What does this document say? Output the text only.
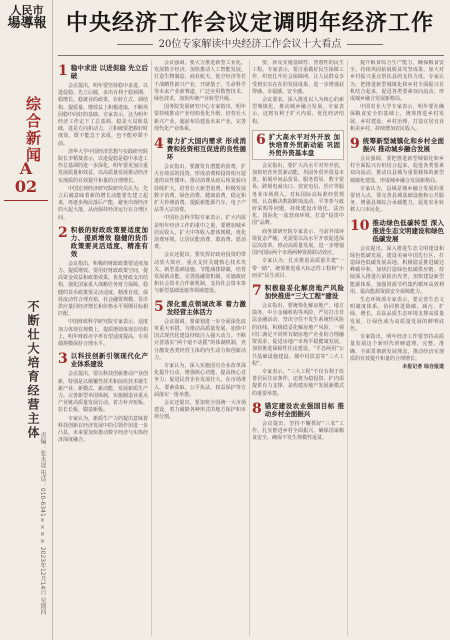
人民市
場導報
综合新闻
A
02
不断壮大培育经营主体
责编：张未晟 电话：010-6341×××× 2023年12月14日 星期四
中央经济工作会议定调明年经济工作
20位专家解读中央经济工作会议十大看点
1 稳中求进 以进促稳 先立后破

会议提出，明年要坚持稳中求进、以进促稳、先立后破，多出有利于稳预期、稳增长、稳就业的政策，在转方式、调结构、提质量、增效益上积极进取，不断巩固稳中向好的基础。专家表示，这为明年经济工作定下了总基调，稳是大局和基础，进是方向和动力，立和破要把握好时度效，既不能急于求成，也不能停滞不前。

清华大学中国经济思想与实践研究院院长李稻葵表示，以进促稳是稳中求进工作总基调的进一步深化，明年要更加注重发展质量和效益，以高质量发展推动经济实现质的有效提升和量的合理增长。

中国宏观经济研究院研究员认为，先立后破意味着新的增长动能要先建立起来，再逐步淘汰落后产能，避免出现经济的大起大落，从而保持经济运行在合理区间。

2 积极的财政政策要适度加力、提质增效 稳健的货币政策要灵活适度、精准有效

会议指出，积极的财政政策要适度加力、提质增效。要用好财政政策空间，提高资金效益和政策效果。优化财政支出结构，强化国家重大战略任务财力保障。稳健的货币政策要灵活适度、精准有效，保持流动性合理充裕，社会融资规模、货币供应量同经济增长和价格水平预期目标相匹配。

中国财政科学研究院专家表示，适度加力体现在规模上，提质增效体现在结构上，明年财政赤字率有望适度提高，专项债规模保持合理水平。

3 以科技创新引领现代化产业体系建设

会议提出，要以科技创新推动产业创新，特别是以颠覆性技术和前沿技术催生新产业、新模式、新动能，发展新质生产力。完善新型举国体制，实施制造业重点产业链高质量发展行动，着力补齐短板、拉长长板、锻造新板。

专家认为，新质生产力的提出意味着科技创新在经济发展中的引领作用进一步凸显，未来要加快推动数字经济与实体经济深度融合。

会议强调，要大力推进新型工业化，发展数字经济，加快推动人工智能发展。打造生物制造、商业航天、低空经济等若干战略性新兴产业，开辟量子、生命科学等未来产业新赛道，广泛应用数智技术、绿色技术，加快传统产业转型升级。

国务院发展研究中心专家指出，明年要持续推动产业结构优化升级，培育壮大新兴产业，超前布局建设未来产业，完善现代化产业体系。

4 着力扩大国内需求 形成消费和投资相互促进的良性循环

会议指出，要激发有潜能的消费，扩大有效益的投资，形成消费和投资相互促进的良性循环。推动消费从疫后恢复转向持续扩大，培育壮大新型消费，积极发展数字消费、绿色消费、健康消费，稳定和扩大传统消费，提振新能源汽车、电子产品等大宗消费。

中国社会科学院专家表示，扩大内需是明年经济工作的重中之重，要增加城乡居民收入，扩大中等收入群体规模，优化消费环境，让居民能消费、敢消费、愿消费。

会议还提出，要发挥好政府投资的带动放大效应，重点支持关键核心技术攻关、新型基础设施、节能减排降碳，培育发展新动能。完善投融资机制，实施政府和社会资本合作新机制，支持社会资本参与新型基础设施等领域建设。

5 深化重点领域改革 着力激发经营主体活力

会议强调，要谋划进一步全面深化改革重大举措，为推动高质量发展、加快中国式现代化建设持续注入强大动力。不断完善落实“两个毫不动摇”的体制机制，充分激发各类经营主体的内生动力和创新活力。

专家认为，深入实施国有企业改革深化提升行动，增强核心功能、提高核心竞争力；促进民营企业发展壮大，在市场准入、要素获取、公平执法、权益保护等方面落实一批举措。

会议还提出，要加快全国统一大市场建设，着力破除各种形式的地方保护和市场分割。

要，涉及实施基础性、普惠性的民生工程。专家表示，要注重做好民生保障工作，织密扎牢社会保障网，让人民群众享受到实实在在的发展成果，进一步增强获得感、幸福感、安全感。

会议要求，深入推进以人为核心的新型城镇化，推动城乡融合发展。专家表示，这将有利于扩大内需、优化经济结构。

6 扩大高水平对外开放 加快培育外贸新动能 巩固外贸外资基本盘

会议指出，要扩大高水平对外开放，加快培育外贸新动能，巩固外贸外资基本盘，拓展中间品贸易、服务贸易、数字贸易、跨境电商出口。放宽电信、医疗等服务业市场准入，对标国际高标准经贸规则，认真解决数据跨境流动、平等参与政府采购等问题，持续建设市场化、法治化、国际化一流营商环境，打造“投资中国”品牌。

商务部研究院专家表示，当前外部环境复杂严峻，更需要以高水平开放促进深层次改革、推动高质量发展，进一步增强国内国际两个市场两种资源联动效应。

专家认为，扎实推进高质量共建“一带一路”，统筹推进重大标志性工程和“小而美”民生项目。

7 积极稳妥化解房地产风险 加快推进“三大工程”建设

会议指出，要统筹化解房地产、地方债务、中小金融机构等风险，严厉打击非法金融活动，坚决守住不发生系统性风险的底线。积极稳妥化解房地产风险，一视同仁满足不同所有制房地产企业的合理融资需求，促进房地产市场平稳健康发展。加快推进保障性住房建设、“平急两用”公共基础设施建设、城中村改造等“三大工程”。

专家表示，“三大工程”不仅有利于改善居民住房条件，还将为稳投资、扩内需提供有力支撑，是构建房地产发展新模式的重要举措。

8 锚定建设农业强国目标 推动乡村全面振兴

会议提出，坚持不懈抓好“三农”工作，扎实推进乡村全面振兴，确保国家粮食安全，确保不发生规模性返贫。

提升粮食综合生产能力，确保粮食安全，持续巩固拓展脱贫攻坚成果，加大对乡村振兴重点帮扶县的支持力度。专家认为，把推进新型城镇化和乡村全面振兴有机结合起来，促进各类要素双向流动，形成城乡融合发展新格局。

中国农业大学专家表示，明年要在确保粮食安全的基础上，统筹推进乡村发展、乡村建设、乡村治理，打造宜居宜业和美乡村，持续增加农民收入。

9 统筹新型城镇化和乡村全面振兴 推动城乡融合发展

会议强调，要把推进新型城镇化和乡村全面振兴有机结合起来，促进各类要素双向流动，推动以县城为重要载体的新型城镇化建设，形成城乡融合发展新格局。

专家认为，县域是城乡融合发展的重要切入点，要完善县城基础设施和公共服务，增强县城综合承载能力，促进农业转移人口市民化。

10 推动绿色低碳转型 深入推进生态文明建设和绿色低碳发展

会议提出，深入推进生态文明建设和绿色低碳发展，建设美丽中国先行区，打造绿色低碳发展高地。积极稳妥推进碳达峰碳中和，加快打造绿色低碳供应链。持续深入推进污染防治攻坚，加快建设新型能源体系，加强资源节约集约循环高效利用，提高能源资源安全保障能力。

生态环境部专家表示，要完善生态文明制度体系，协同推进降碳、减污、扩绿、增长，以高品质生态环境支撑高质量发展，让绿色成为高质量发展的鲜明底色。

专家指出，明年经济工作要坚持高质量发展这个新时代的硬道理，完整、准确、全面贯彻新发展理念，推动经济实现质的有效提升和量的合理增长。

本报记者 综合报道
